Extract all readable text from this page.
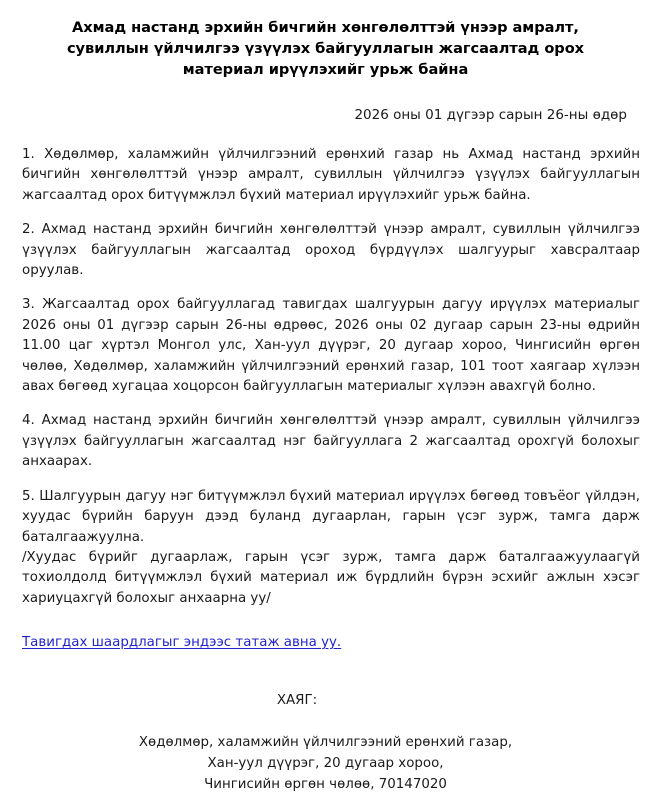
Ахмад настанд эрхийн бичгийн хөнгөлөлттэй үнээр амралт, сувиллын үйлчилгээ үзүүлэх байгууллагын жагсаалтад орох материал ирүүлэхийг урьж байна
2026 оны 01 дүгээр сарын 26-ны өдөр

1. Хөдөлмөр, халамжийн үйлчилгээний ерөнхий газар нь Ахмад настанд эрхийн бичгийн хөнгөлөлттэй үнээр амралт, сувиллын үйлчилгээ үзүүлэх байгууллагын жагсаалтад орох битүүмжлэл бүхий материал ирүүлэхийг урьж байна.

2. Ахмад настанд эрхийн бичгийн хөнгөлөлттэй үнээр амралт, сувиллын үйлчилгээ үзүүлэх байгууллагын жагсаалтад ороход бүрдүүлэх шалгуурыг хавсралтаар оруулав.

3. Жагсаалтад орох байгууллагад тавигдах шалгуурын дагуу ирүүлэх материалыг 2026 оны 01 дүгээр сарын 26-ны өдрөөс, 2026 оны 02 дугаар сарын 23-ны өдрийн 11.00 цаг хүртэл Монгол улс, Хан-уул дүүрэг, 20 дугаар хороо, Чингисийн өргөн чөлөө, Хөдөлмөр, халамжийн үйлчилгээний ерөнхий газар, 101 тоот хаягаар хүлээн авах бөгөөд хугацаа хоцорсон байгууллагын материалыг хүлээн авахгүй болно.

4. Ахмад настанд эрхийн бичгийн хөнгөлөлттэй үнээр амралт, сувиллын үйлчилгээ үзүүлэх байгууллагын жагсаалтад нэг байгууллага 2 жагсаалтад орохгүй болохыг анхаарах.

5. Шалгуурын дагуу нэг битүүмжлэл бүхий материал ирүүлэх бөгөөд товъёог үйлдэн, хуудас бүрийн баруун дээд буланд дугаарлан, гарын үсэг зурж, тамга дарж баталгаажуулна.

/Хуудас бүрийг дугаарлаж, гарын үсэг зурж, тамга дарж баталгаажуулаагүй тохиолдолд битүүмжлэл бүхий материал иж бүрдлийн бүрэн эсхийг ажлын хэсэг хариуцахгүй болохыг анхаарна уу/

Тавигдах шаардлагыг эндээс татаж авна уу.

ХАЯГ:

Хөдөлмөр, халамжийн үйлчилгээний ерөнхий газар,
Хан-уул дүүрэг, 20 дугаар хороо,
Чингисийн өргөн чөлөө, 70147020
